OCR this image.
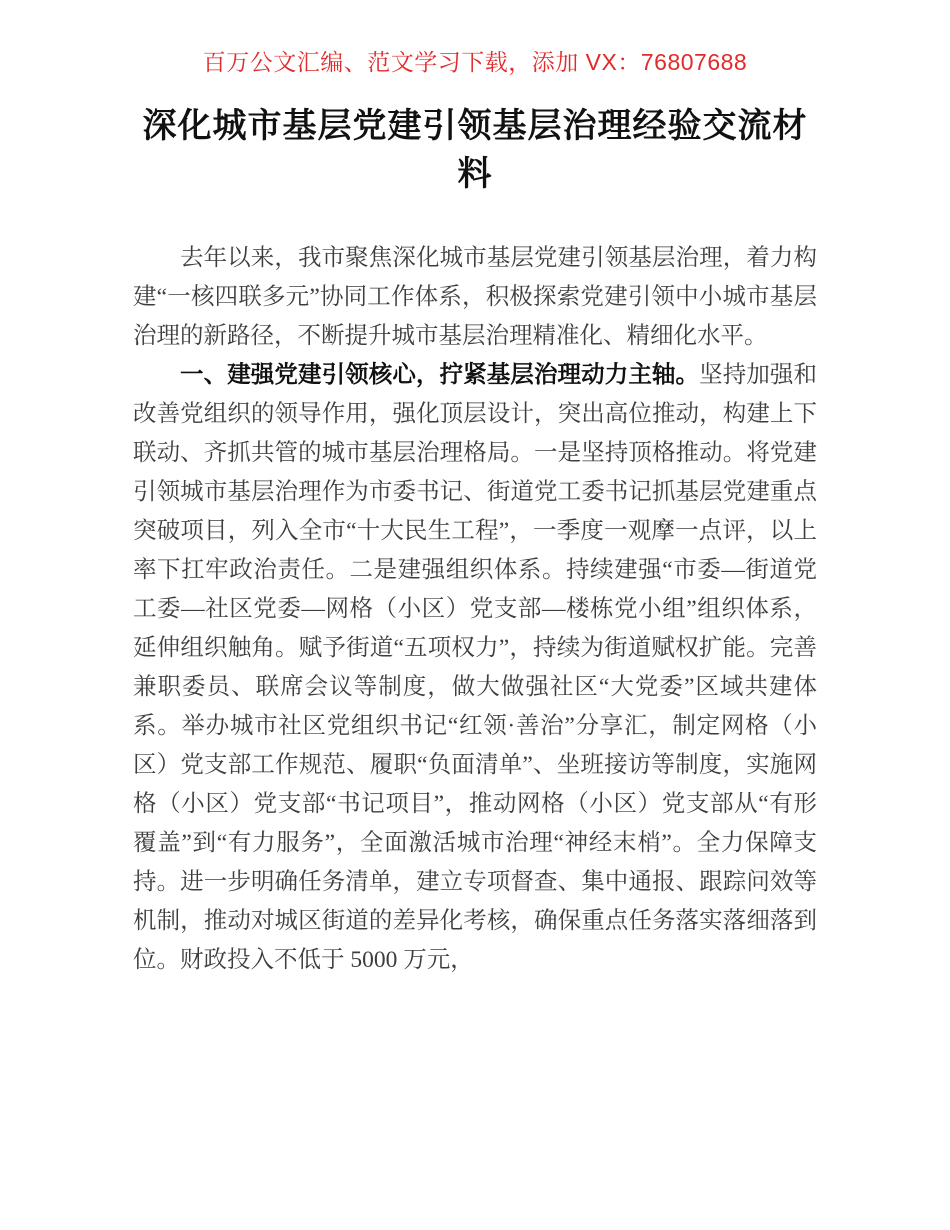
百万公文汇编、范文学习下载，添加 VX：76807688
深化城市基层党建引领基层治理经验交流材料

去年以来，我市聚焦深化城市基层党建引领基层治理，着力构建“一核四联多元”协同工作体系，积极探索党建引领中小城市基层治理的新路径，不断提升城市基层治理精准化、精细化水平。

一、建强党建引领核心，拧紧基层治理动力主轴。坚持加强和改善党组织的领导作用，强化顶层设计，突出高位推动，构建上下联动、齐抓共管的城市基层治理格局。一是坚持顶格推动。将党建引领城市基层治理作为市委书记、街道党工委书记抓基层党建重点突破项目，列入全市“十大民生工程”，一季度一观摩一点评，以上率下扛牢政治责任。二是建强组织体系。持续建强“市委—街道党工委—社区党委—网格（小区）党支部—楼栋党小组”组织体系，延伸组织触角。赋予街道“五项权力”，持续为街道赋权扩能。完善兼职委员、联席会议等制度，做大做强社区“大党委”区域共建体系。举办城市社区党组织书记“红领·善治”分享汇，制定网格（小区）党支部工作规范、履职“负面清单”、坐班接访等制度，实施网格（小区）党支部“书记项目”，推动网格（小区）党支部从“有形覆盖”到“有力服务”，全面激活城市治理“神经末梢”。全力保障支持。进一步明确任务清单，建立专项督查、集中通报、跟踪问效等机制，推动对城区街道的差异化考核，确保重点任务落实落细落到位。财政投入不低于 5000 万元，
